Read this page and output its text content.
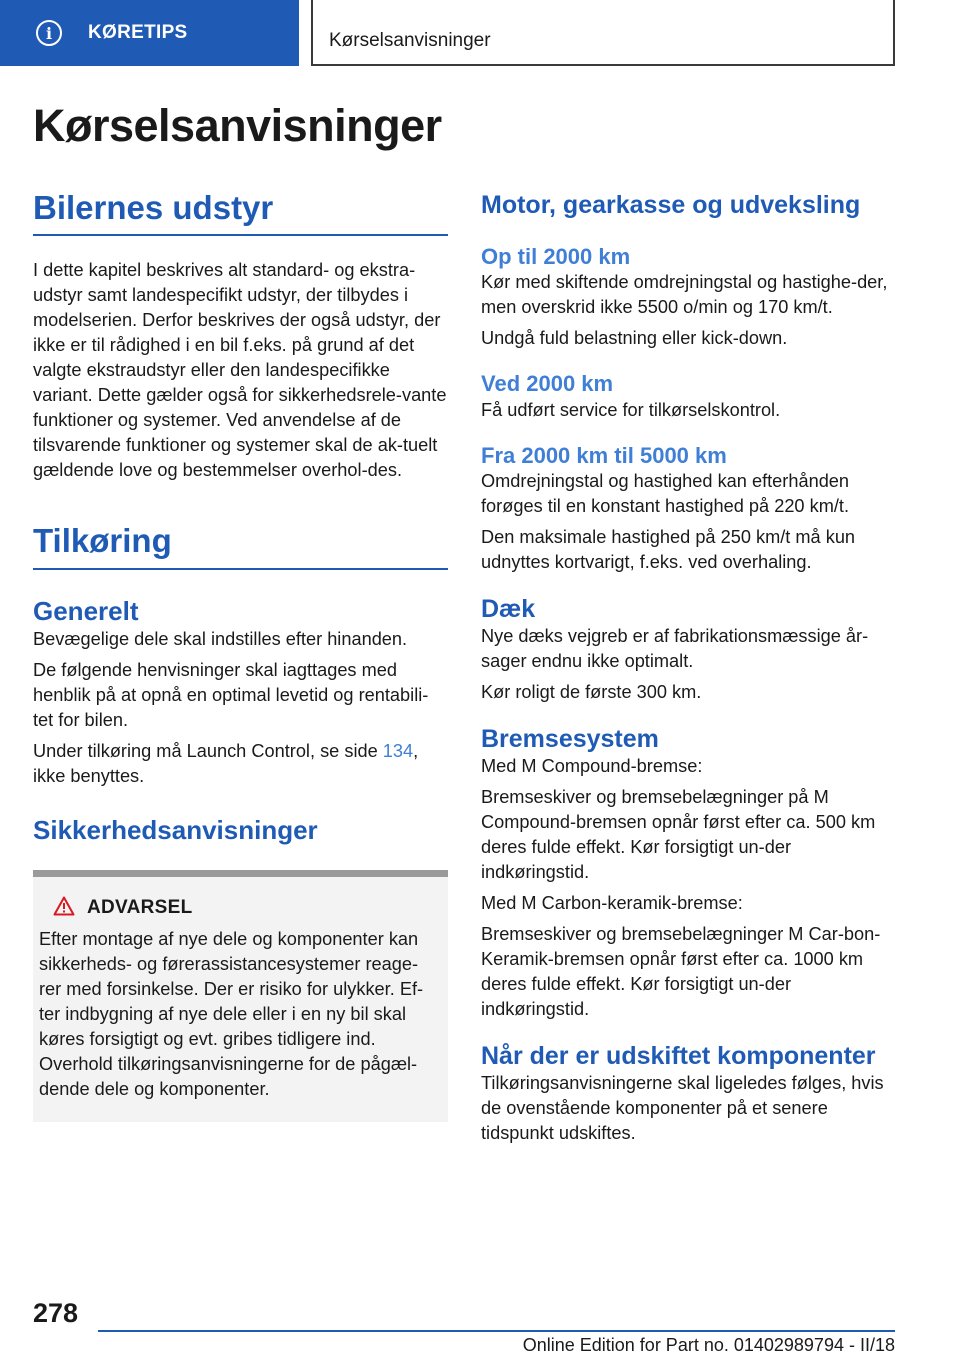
i	KØRETIPS	Kørselsanvisninger
Kørselsanvisninger
Bilernes udstyr

I dette kapitel beskrives alt standard- og ekstra-udstyr samt landespecifikt udstyr, der tilbydes i modelserien. Derfor beskrives der også udstyr, der ikke er til rådighed i en bil f.eks. på grund af det valgte ekstraudstyr eller den landespecifikke variant. Dette gælder også for sikkerhedsrele-vante funktioner og systemer. Ved anvendelse af de tilsvarende funktioner og systemer skal de ak-tuelt gældende love og bestemmelser overhol-des.

Tilkøring
Generelt

Bevægelige dele skal indstilles efter hinanden.

De følgende henvisninger skal iagttages med henblik på at opnå en optimal levetid og rentabili-tet for bilen.

Under tilkøring må Launch Control, se side 134,
ikke benyttes.

Sikkerhedsanvisninger
ADVARSEL

Efter montage af nye dele og komponenter kan sikkerheds- og førerassistancesystemer reage-rer med forsinkelse. Der er risiko for ulykker. Ef-ter indbygning af nye dele eller i en ny bil skal køres forsigtigt og evt. gribes tidligere ind. Overhold tilkøringsanvisningerne for de pågæl-dende dele og komponenter.

Motor, gearkasse og udveksling
Op til 2000 km

Kør med skiftende omdrejningstal og hastighe-der, men overskrid ikke 5500 o/min og 170 km/t.

Undgå fuld belastning eller kick-down.

Ved 2000 km

Få udført service for tilkørselskontrol.

Fra 2000 km til 5000 km

Omdrejningstal og hastighed kan efterhånden forøges til en konstant hastighed på 220 km/t.

Den maksimale hastighed på 250 km/t må kun udnyttes kortvarigt, f.eks. ved overhaling.

Dæk

Nye dæks vejgreb er af fabrikationsmæssige år-sager endnu ikke optimalt.

Kør roligt de første 300 km.

Bremsesystem

Med M Compound-bremse:

Bremseskiver og bremsebelægninger på M Compound-bremsen opnår først efter ca. 500 km deres fulde effekt. Kør forsigtigt un-der indkøringstid.

Med M Carbon-keramik-bremse:

Bremseskiver og bremsebelægninger M Car-bon-Keramik-bremsen opnår først efter ca. 1000 km deres fulde effekt. Kør forsigtigt un-der indkøringstid.

Når der er udskiftet komponenter

Tilkøringsanvisningerne skal ligeledes følges, hvis de ovenstående komponenter på et senere tidspunkt udskiftes.

278
Online Edition for Part no. 01402989794 - II/18
